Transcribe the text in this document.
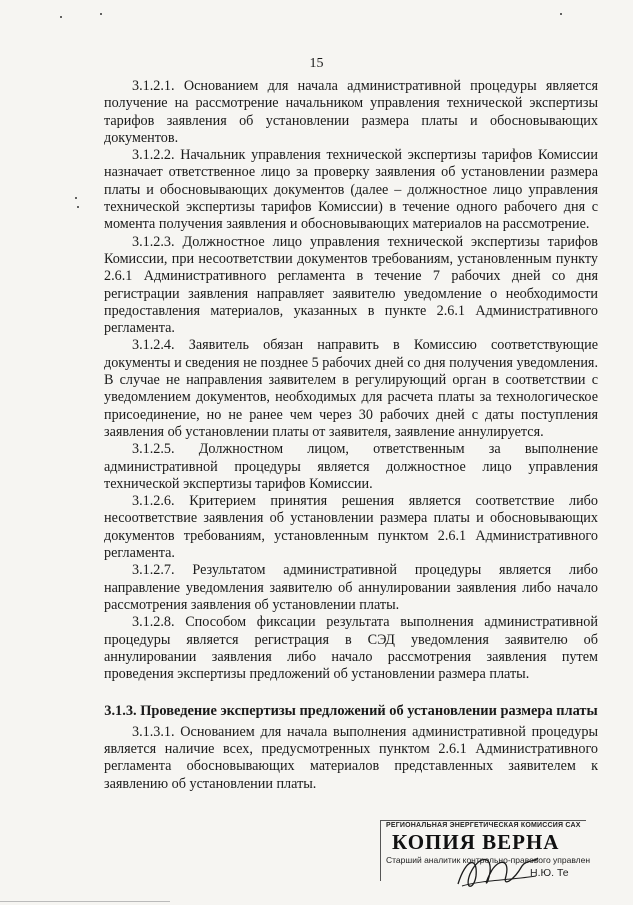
15

3.1.2.1. Основанием для начала административной процедуры является получение на рассмотрение начальником управления технической экспертизы тарифов заявления об установлении размера платы и обосновывающих документов.

3.1.2.2. Начальник управления технической экспертизы тарифов Комиссии назначает ответственное лицо за проверку заявления об установлении размера платы и обосновывающих документов (далее – должностное лицо управления технической экспертизы тарифов Комиссии) в течение одного рабочего дня с момента получения заявления и обосновывающих материалов на рассмотрение.

3.1.2.3. Должностное лицо управления технической экспертизы тарифов Комиссии, при несоответствии документов требованиям, установленным пункту 2.6.1 Административного регламента в течение 7 рабочих дней со дня регистрации заявления направляет заявителю уведомление о необходимости предоставления материалов, указанных в пункте 2.6.1 Административного регламента.

3.1.2.4. Заявитель обязан направить в Комиссию соответствующие документы и сведения не позднее 5 рабочих дней со дня получения уведомления. В случае не направления заявителем в регулирующий орган в соответствии с уведомлением документов, необходимых для расчета платы за технологическое присоединение, но не ранее чем через 30 рабочих дней с даты поступления заявления об установлении платы от заявителя, заявление аннулируется.

3.1.2.5. Должностном лицом, ответственным за выполнение административной процедуры является должностное лицо управления технической экспертизы тарифов Комиссии.

3.1.2.6. Критерием принятия решения является соответствие либо несоответствие заявления об установлении размера платы и обосновывающих документов требованиям, установленным пунктом 2.6.1 Административного регламента.

3.1.2.7. Результатом административной процедуры является либо направление уведомления заявителю об аннулировании заявления либо начало рассмотрения заявления об установлении платы.

3.1.2.8. Способом фиксации результата выполнения административной процедуры является регистрация в СЭД уведомления заявителю об аннулировании заявления либо начало рассмотрения заявления путем проведения экспертизы предложений об установлении размера платы.

3.1.3. Проведение экспертизы предложений об установлении размера платы

3.1.3.1. Основанием для начала выполнения административной процедуры является наличие всех, предусмотренных пунктом 2.6.1 Административного регламента обосновывающих материалов представленных заявителем к заявлению об установлении платы.

РЕГИОНАЛЬНАЯ ЭНЕРГЕТИЧЕСКАЯ КОМИССИЯ САХ
КОПИЯ ВЕРНА
Старший аналитик контрольно-правового управлен
Н.Ю. Те
